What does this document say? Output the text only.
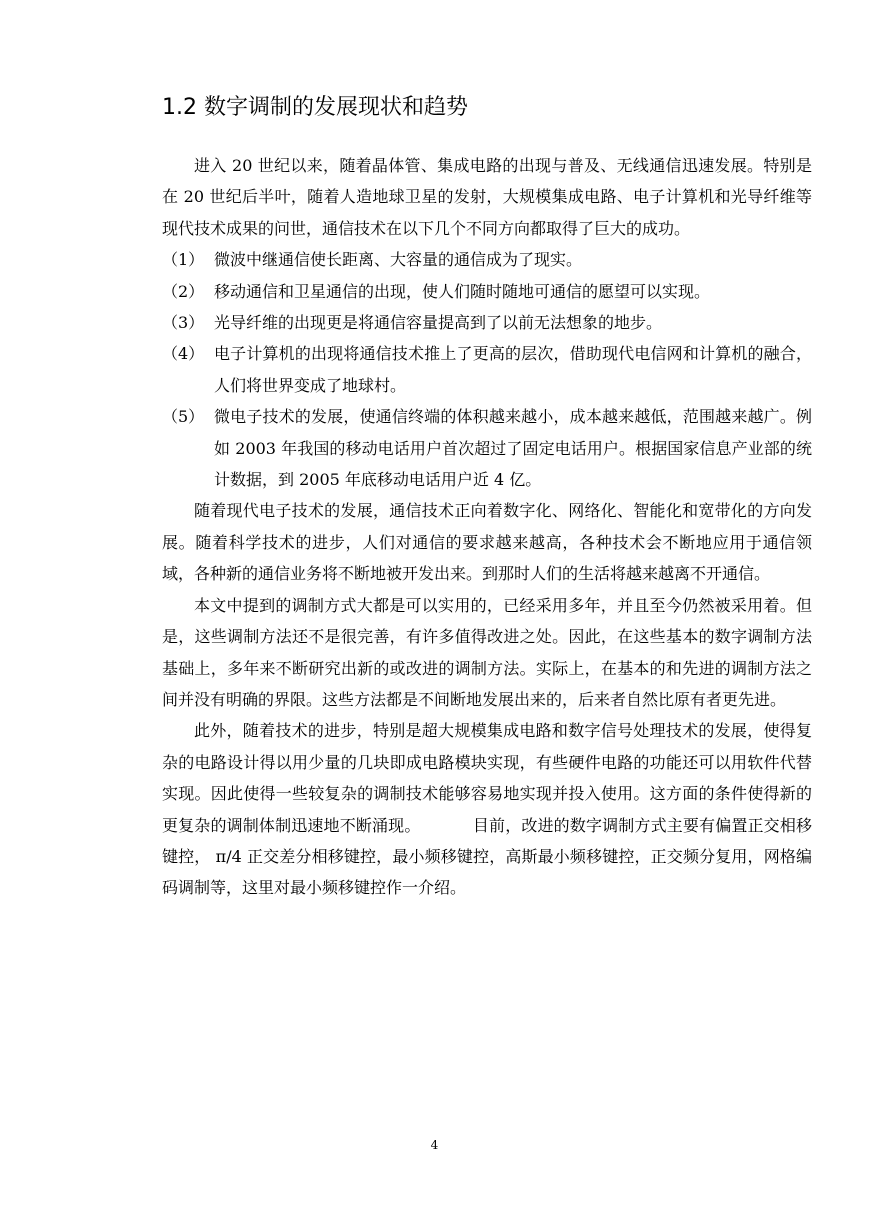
1.2 数字调制的发展现状和趋势

进入 20 世纪以来，随着晶体管、集成电路的出现与普及、无线通信迅速发展。特别是在 20 世纪后半叶，随着人造地球卫星的发射，大规模集成电路、电子计算机和光导纤维等现代技术成果的问世，通信技术在以下几个不同方向都取得了巨大的成功。

（1） 微波中继通信使长距离、大容量的通信成为了现实。
（2） 移动通信和卫星通信的出现，使人们随时随地可通信的愿望可以实现。
（3） 光导纤维的出现更是将通信容量提高到了以前无法想象的地步。
（4） 电子计算机的出现将通信技术推上了更高的层次，借助现代电信网和计算机的融合，人们将世界变成了地球村。
（5） 微电子技术的发展，使通信终端的体积越来越小，成本越来越低，范围越来越广。例如 2003 年我国的移动电话用户首次超过了固定电话用户。根据国家信息产业部的统计数据，到 2005 年底移动电话用户近 4 亿。

随着现代电子技术的发展，通信技术正向着数字化、网络化、智能化和宽带化的方向发展。随着科学技术的进步，人们对通信的要求越来越高，各种技术会不断地应用于通信领域，各种新的通信业务将不断地被开发出来。到那时人们的生活将越来越离不开通信。

本文中提到的调制方式大都是可以实用的，已经采用多年，并且至今仍然被采用着。但是，这些调制方法还不是很完善，有许多值得改进之处。因此，在这些基本的数字调制方法基础上，多年来不断研究出新的或改进的调制方法。实际上，在基本的和先进的调制方法之间并没有明确的界限。这些方法都是不间断地发展出来的，后来者自然比原有者更先进。

此外，随着技术的进步，特别是超大规模集成电路和数字信号处理技术的发展，使得复杂的电路设计得以用少量的几块即成电路模块实现，有些硬件电路的功能还可以用软件代替实现。因此使得一些较复杂的调制技术能够容易地实现并投入使用。这方面的条件使得新的更复杂的调制体制迅速地不断涌现。          目前，改进的数字调制方式主要有偏置正交相移键控， π/4 正交差分相移键控，最小频移键控，高斯最小频移键控，正交频分复用，网格编码调制等，这里对最小频移键控作一介绍。

4
